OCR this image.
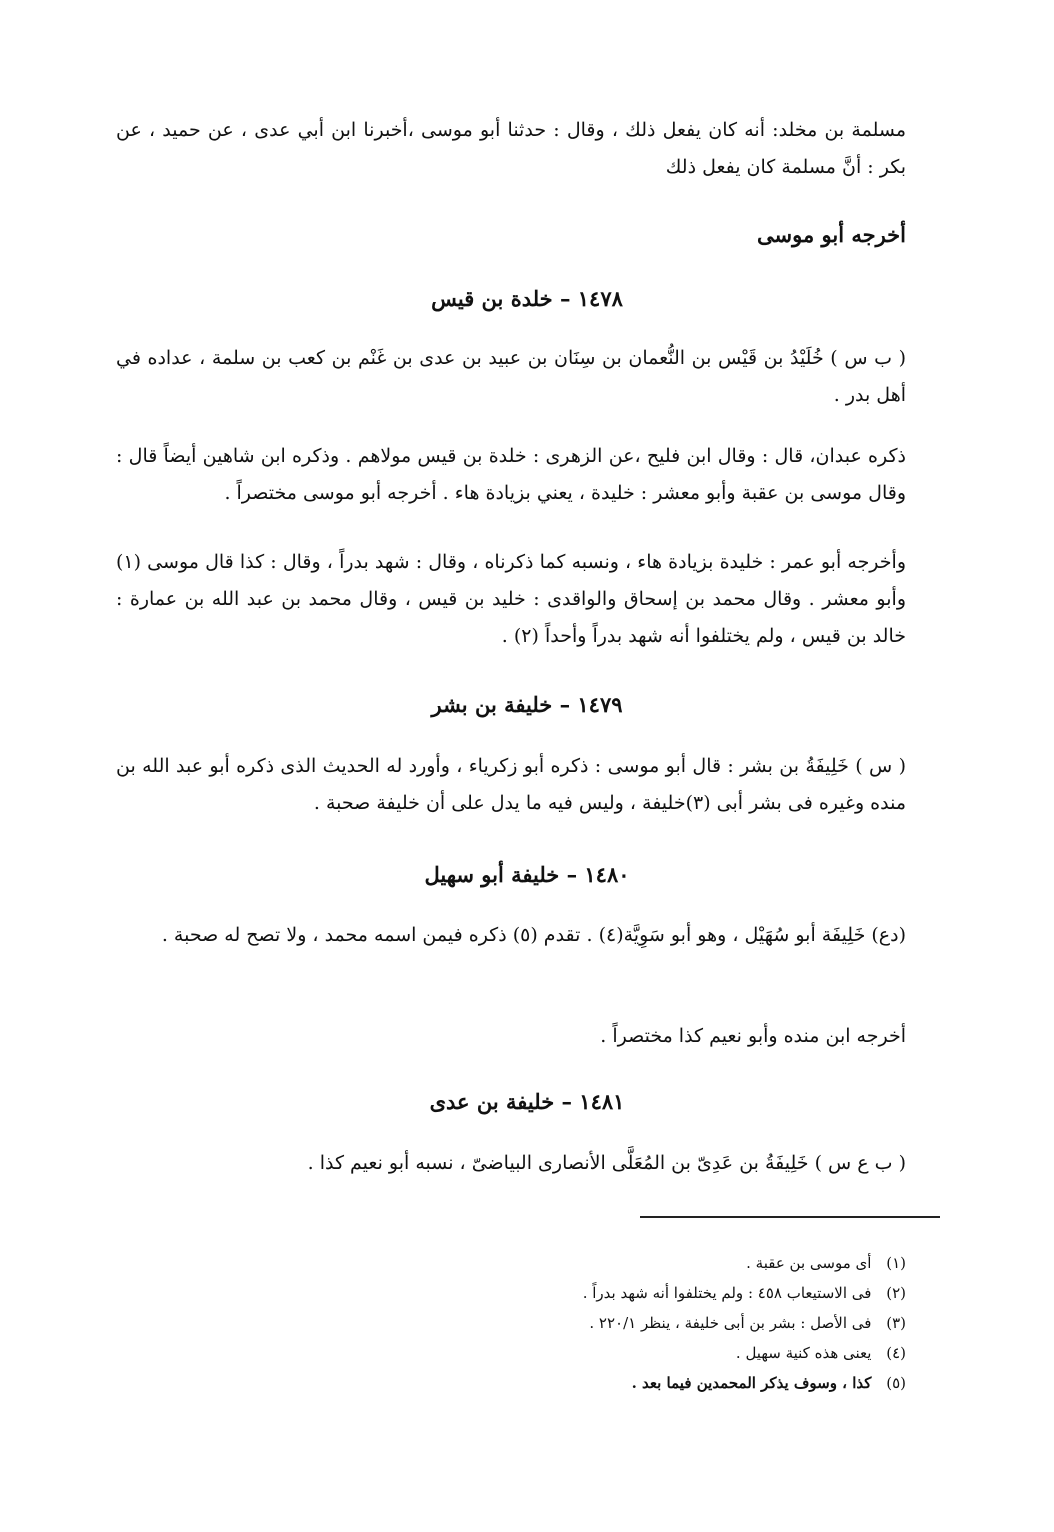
مسلمة بن مخلد: أنه كان يفعل ذلك ، وقال : حدثنا أبو موسى ،أخبرنا ابن أبي عدى ، عن حميد ، عن بكر : أنَّ مسلمة كان يفعل ذلك
أخرجه أبو موسى
١٤٧٨ – خلدة بن قيس
( ب س ) خُلَيْدُ بن قَيْس بن النُّعمان بن سِنَان بن عبيد بن عدى بن غَنْم بن كعب بن سلمة ، عداده في أهل بدر .
ذكره عبدان، قال : وقال ابن فليح ،عن الزهرى : خلدة بن قيس مولاهم . وذكره ابن شاهين أيضاً قال : وقال موسى بن عقبة وأبو معشر : خليدة ، يعني بزيادة هاء . أخرجه أبو موسى مختصراً .
وأخرجه أبو عمر : خليدة بزيادة هاء ، ونسبه كما ذكرناه ، وقال : شهد بدراً ، وقال : كذا قال موسى (١) وأبو معشر . وقال محمد بن إسحاق والواقدى : خليد بن قيس ، وقال محمد بن عبد الله بن عمارة : خالد بن قيس ، ولم يختلفوا أنه شهد بدراً وأحداً (٢) .
١٤٧٩ – خليفة بن بشر
( س ) خَلِيفَةُ بن بشر : قال أبو موسى : ذكره أبو زكرياء ، وأورد له الحديث الذى ذكره أبو عبد الله بن منده وغيره فى بشر أبى (٣)خليفة ، وليس فيه ما يدل على أن خليفة صحبة .
١٤٨٠ – خليفة أبو سهيل
(دع) خَلِيفَة أبو سُهَيْل ، وهو أبو سَوِيَّة(٤) . تقدم (٥) ذكره فيمن اسمه محمد ، ولا تصح له صحبة .
أخرجه ابن منده وأبو نعيم كذا مختصراً .
١٤٨١ – خليفة بن عدى
( ب ع س ) خَلِيفَةُ بن عَدِىّ بن المُعَلَّى الأنصارى البياضىّ ، نسبه أبو نعيم كذا .
(١) أى موسى بن عقبة .
(٢) فى الاستيعاب ٤٥٨ : ولم يختلفوا أنه شهد بدراً .
(٣) فى الأصل : بشر بن أبى خليفة ، ينظر ٢٢٠/١ .
(٤) يعنى هذه كنية سهيل .
(٥) كذا ، وسوف يذكر المحمدين فيما بعد .
